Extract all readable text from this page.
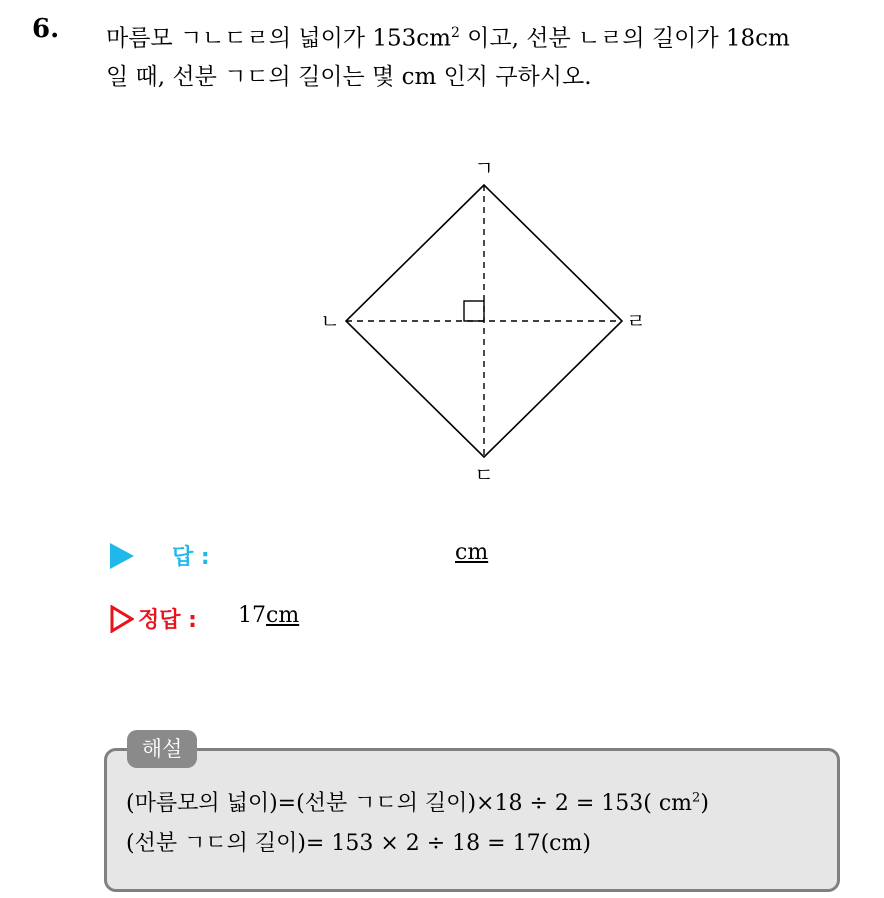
6. 마름모 ㄱㄴㄷㄹ의 넓이가 $153cm^2$ 이고, 선분 ㄴㄹ의 길이가 18cm
일 때, 선분 ㄱㄷ의 길이는 몇 cm 인지 구하시오.
ㄱ
ㄴ
ㄷ
ㄹ
답 :	cm
정답 : 17cm
해설
(마름모의 넓이)=(선분 ㄱㄷ의 길이)×18 ÷ 2 = 153( $cm^2$)
(선분 ㄱㄷ의 길이)= 153 × 2 ÷ 18 = 17(cm)
